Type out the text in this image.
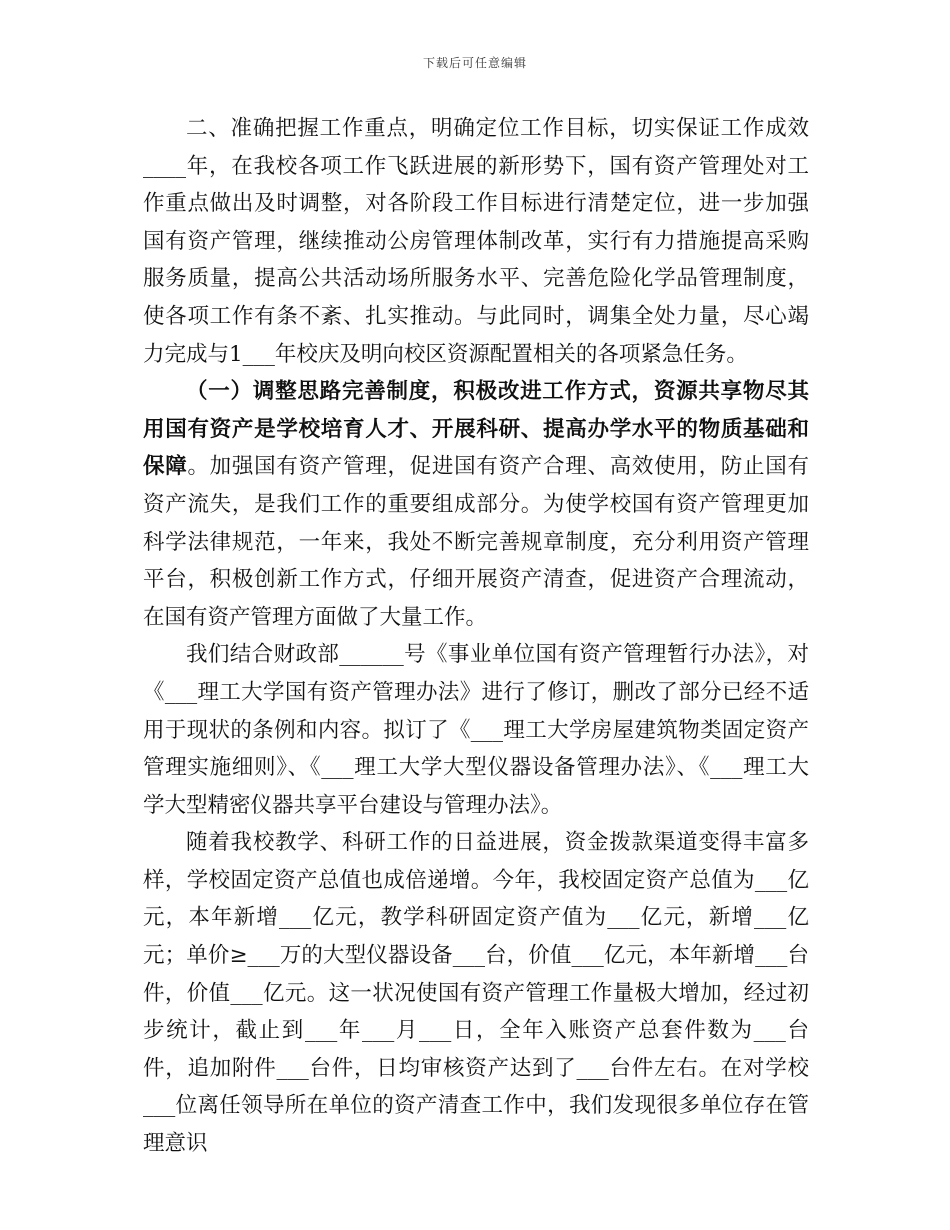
下载后可任意编辑

二、准确把握工作重点，明确定位工作目标，切实保证工作成效____年，在我校各项工作飞跃进展的新形势下，国有资产管理处对工作重点做出及时调整，对各阶段工作目标进行清楚定位，进一步加强国有资产管理，继续推动公房管理体制改革，实行有力措施提高采购服务质量，提高公共活动场所服务水平、完善危险化学品管理制度，使各项工作有条不紊、扎实推动。与此同时，调集全处力量，尽心竭力完成与1___年校庆及明向校区资源配置相关的各项紧急任务。

（一）调整思路完善制度，积极改进工作方式，资源共享物尽其用国有资产是学校培育人才、开展科研、提高办学水平的物质基础和保障。加强国有资产管理，促进国有资产合理、高效使用，防止国有资产流失，是我们工作的重要组成部分。为使学校国有资产管理更加科学法律规范，一年来，我处不断完善规章制度，充分利用资产管理平台，积极创新工作方式，仔细开展资产清查，促进资产合理流动，在国有资产管理方面做了大量工作。

我们结合财政部______号《事业单位国有资产管理暂行办法》，对《___理工大学国有资产管理办法》进行了修订，删改了部分已经不适用于现状的条例和内容。拟订了《___理工大学房屋建筑物类固定资产管理实施细则》、《___理工大学大型仪器设备管理办法》、《___理工大学大型精密仪器共享平台建设与管理办法》。

随着我校教学、科研工作的日益进展，资金拨款渠道变得丰富多样，学校固定资产总值也成倍递增。今年，我校固定资产总值为___亿元，本年新增___亿元，教学科研固定资产值为___亿元，新增___亿元；单价≥___万的大型仪器设备___台，价值___亿元，本年新增___台件，价值___亿元。这一状况使国有资产管理工作量极大增加，经过初步统计，截止到___年___月___日，全年入账资产总套件数为___台件，追加附件___台件，日均审核资产达到了___台件左右。在对学校___位离任领导所在单位的资产清查工作中，我们发现很多单位存在管理意识
